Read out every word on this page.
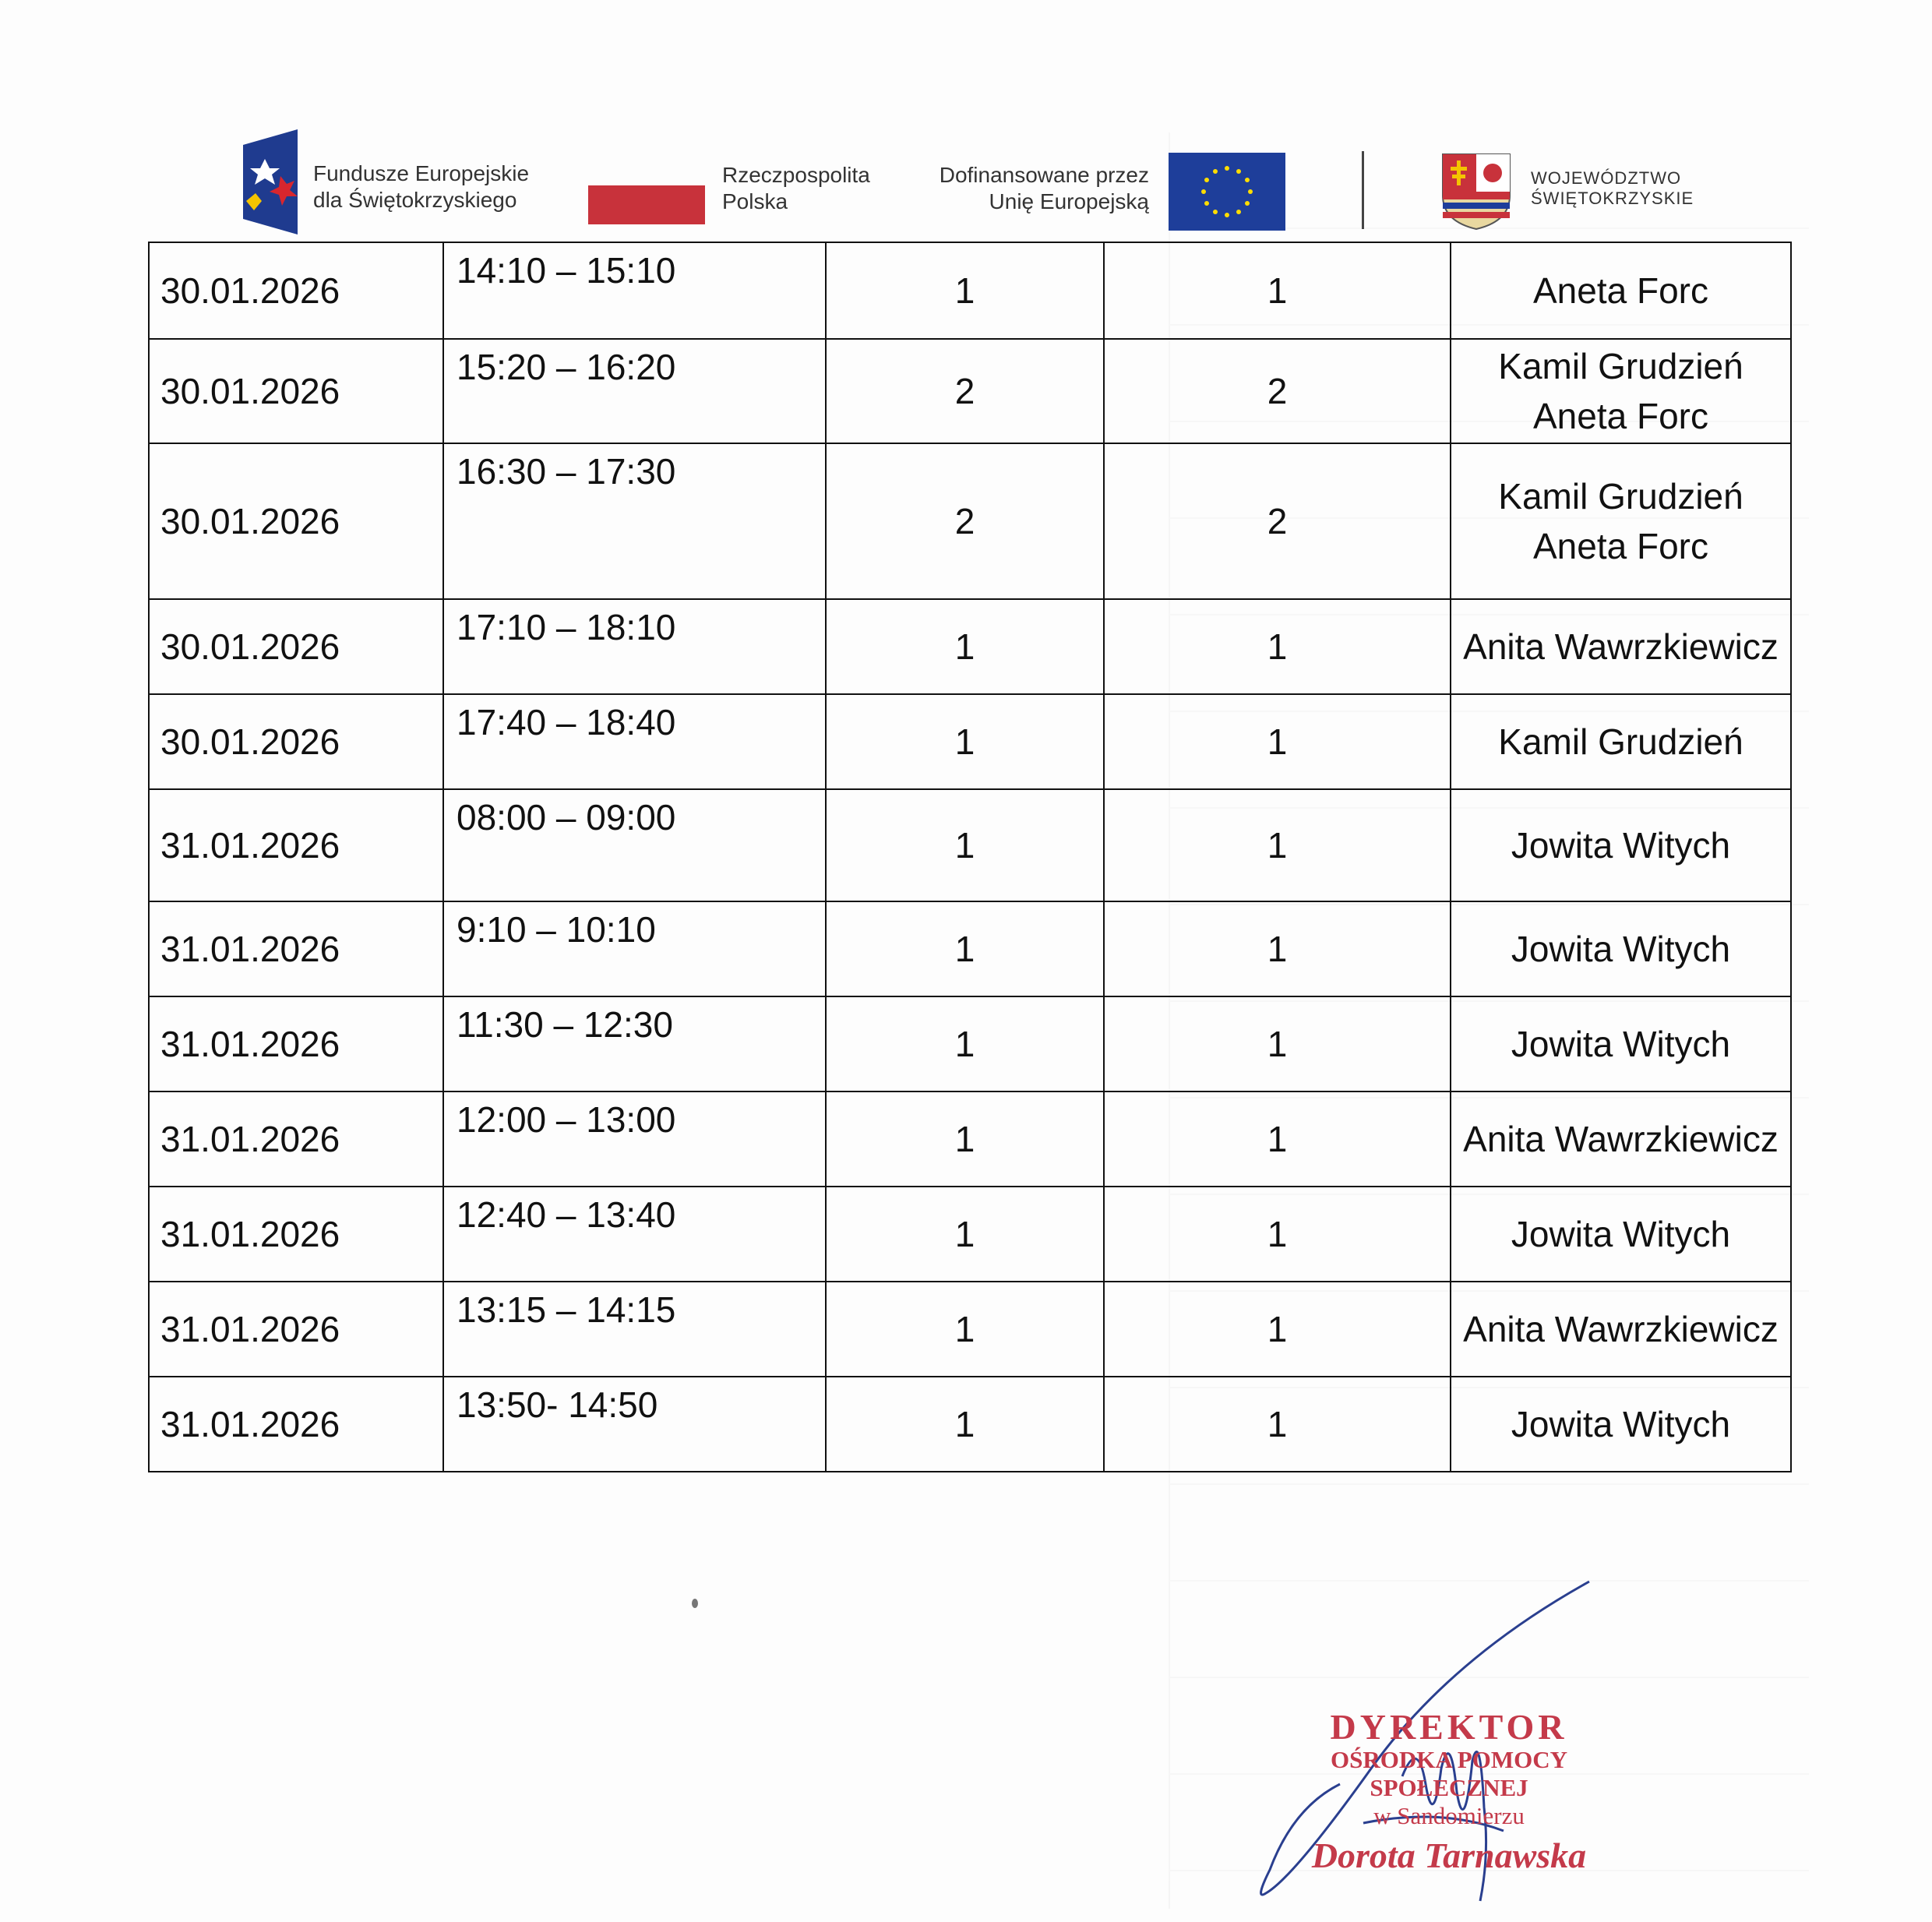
Fundusze Europejskie
dla Świętokrzyskiego
Rzeczpospolita
Polska
Dofinansowane przez
Unię Europejską
WOJEWÓDZTWO
ŚWIĘTOKRZYSKIE
30.01.2026	14:10 – 15:10	1	1	Aneta Forc

30.01.2026	15:20 – 16:20	2	2	Kamil Grudzień
Aneta Forc

30.01.2026	16:30 – 17:30	2	2	Kamil Grudzień
Aneta Forc

30.01.2026	17:10 – 18:10	1	1	Anita Wawrzkiewicz

30.01.2026	17:40 – 18:40	1	1	Kamil Grudzień

31.01.2026	08:00 – 09:00	1	1	Jowita Witych

31.01.2026	9:10 – 10:10	1	1	Jowita Witych

31.01.2026	11:30 – 12:30	1	1	Jowita Witych

31.01.2026	12:00 – 13:00	1	1	Anita Wawrzkiewicz

31.01.2026	12:40 – 13:40	1	1	Jowita Witych

31.01.2026	13:15 – 14:15	1	1	Anita Wawrzkiewicz

31.01.2026	13:50- 14:50	1	1	Jowita Witych
DYREKTOR
OŚRODKA POMOCY SPOŁECZNEJ
w Sandomierzu
Dorota Tarnawska
